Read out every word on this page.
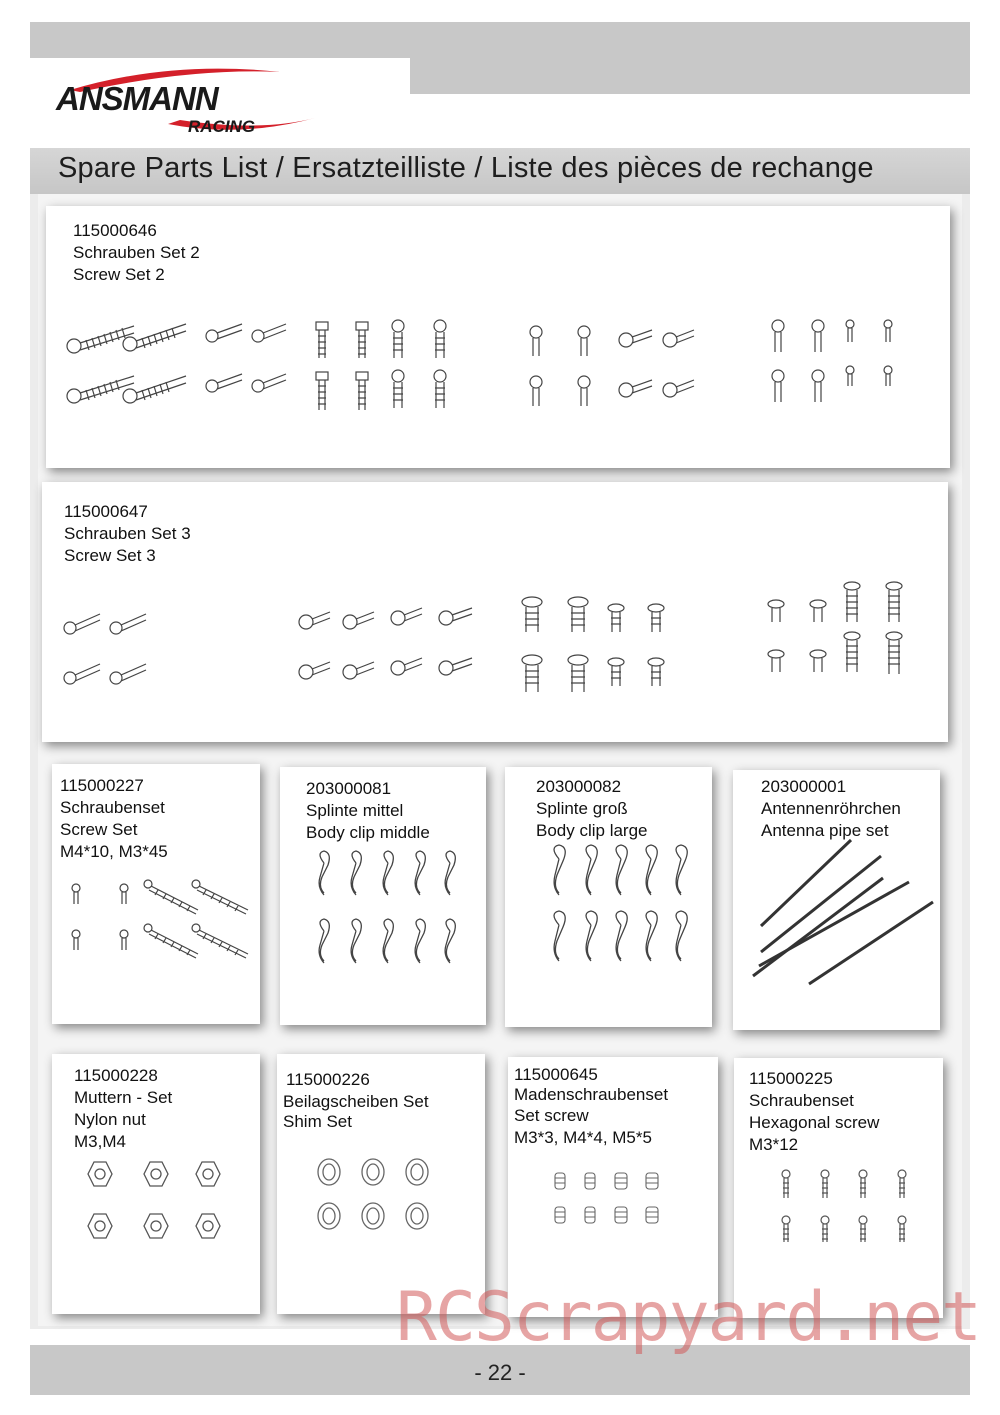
ANSMANN
RACING
Spare Parts List / Ersatzteilliste / Liste des pièces de rechange
115000646
Schrauben Set 2
Screw Set 2
115000647
Schrauben Set 3
Screw Set 3
115000227
Schraubenset
Screw Set
M4*10, M3*45
203000081
Splinte mittel
Body clip middle
203000082
Splinte groß
Body clip large
203000001
Antennenröhrchen
Antenna pipe set
115000228
Muttern - Set
Nylon nut
M3,M4
115000226
Beilagscheiben Set
Shim Set
115000645
Madenschraubenset
Set screw
M3*3, M4*4, M5*5
115000225
Schraubenset
Hexagonal screw
M3*12
- 22 -
RCScrapyard.net
